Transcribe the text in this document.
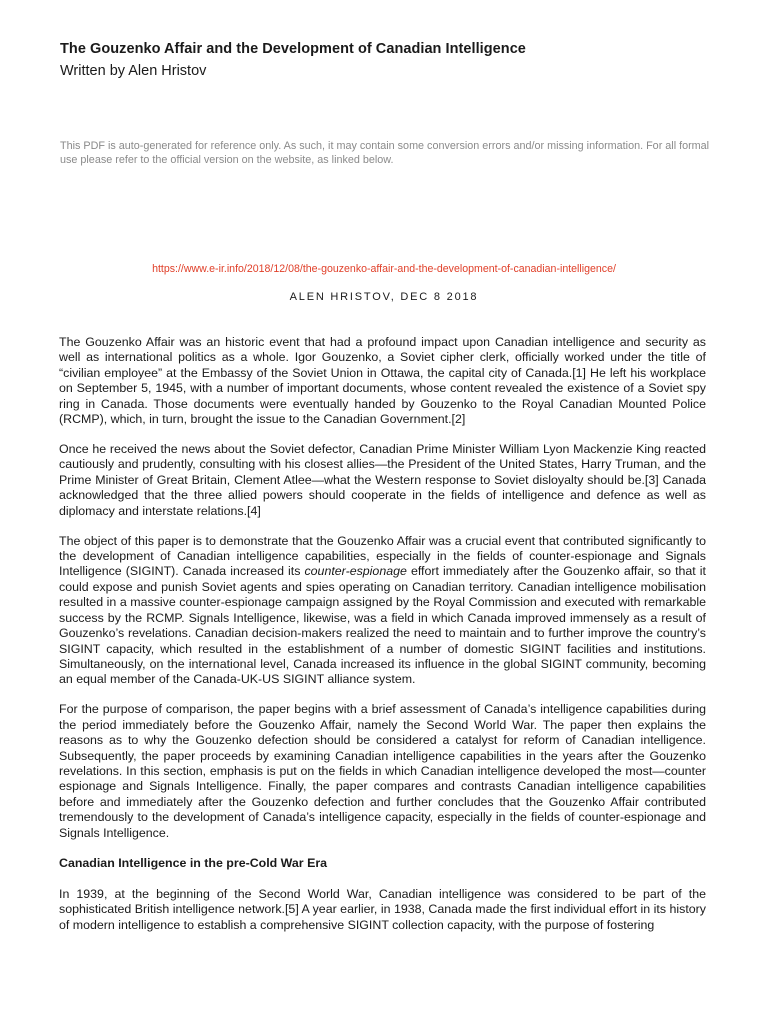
The Gouzenko Affair and the Development of Canadian Intelligence
Written by Alen Hristov
This PDF is auto-generated for reference only. As such, it may contain some conversion errors and/or missing information. For all formal use please refer to the official version on the website, as linked below.
https://www.e-ir.info/2018/12/08/the-gouzenko-affair-and-the-development-of-canadian-intelligence/
ALEN HRISTOV, DEC 8 2018

The Gouzenko Affair was an historic event that had a profound impact upon Canadian intelligence and security as well as international politics as a whole. Igor Gouzenko, a Soviet cipher clerk, officially worked under the title of “civilian employee” at the Embassy of the Soviet Union in Ottawa, the capital city of Canada.[1] He left his workplace on September 5, 1945, with a number of important documents, whose content revealed the existence of a Soviet spy ring in Canada. Those documents were eventually handed by Gouzenko to the Royal Canadian Mounted Police (RCMP), which, in turn, brought the issue to the Canadian Government.[2]

Once he received the news about the Soviet defector, Canadian Prime Minister William Lyon Mackenzie King reacted cautiously and prudently, consulting with his closest allies—the President of the United States, Harry Truman, and the Prime Minister of Great Britain, Clement Atlee—what the Western response to Soviet disloyalty should be.[3] Canada acknowledged that the three allied powers should cooperate in the fields of intelligence and defence as well as diplomacy and interstate relations.[4]

The object of this paper is to demonstrate that the Gouzenko Affair was a crucial event that contributed significantly to the development of Canadian intelligence capabilities, especially in the fields of counter-espionage and Signals Intelligence (SIGINT). Canada increased its counter-espionage effort immediately after the Gouzenko affair, so that it could expose and punish Soviet agents and spies operating on Canadian territory. Canadian intelligence mobilisation resulted in a massive counter-espionage campaign assigned by the Royal Commission and executed with remarkable success by the RCMP. Signals Intelligence, likewise, was a field in which Canada improved immensely as a result of Gouzenko’s revelations. Canadian decision-makers realized the need to maintain and to further improve the country’s SIGINT capacity, which resulted in the establishment of a number of domestic SIGINT facilities and institutions. Simultaneously, on the international level, Canada increased its influence in the global SIGINT community, becoming an equal member of the Canada-UK-US SIGINT alliance system.

For the purpose of comparison, the paper begins with a brief assessment of Canada’s intelligence capabilities during the period immediately before the Gouzenko Affair, namely the Second World War. The paper then explains the reasons as to why the Gouzenko defection should be considered a catalyst for reform of Canadian intelligence. Subsequently, the paper proceeds by examining Canadian intelligence capabilities in the years after the Gouzenko revelations. In this section, emphasis is put on the fields in which Canadian intelligence developed the most—counter espionage and Signals Intelligence. Finally, the paper compares and contrasts Canadian intelligence capabilities before and immediately after the Gouzenko defection and further concludes that the Gouzenko Affair contributed tremendously to the development of Canada’s intelligence capacity, especially in the fields of counter-espionage and Signals Intelligence.

Canadian Intelligence in the pre-Cold War Era

In 1939, at the beginning of the Second World War, Canadian intelligence was considered to be part of the sophisticated British intelligence network.[5] A year earlier, in 1938, Canada made the first individual effort in its history of modern intelligence to establish a comprehensive SIGINT collection capacity, with the purpose of fostering
